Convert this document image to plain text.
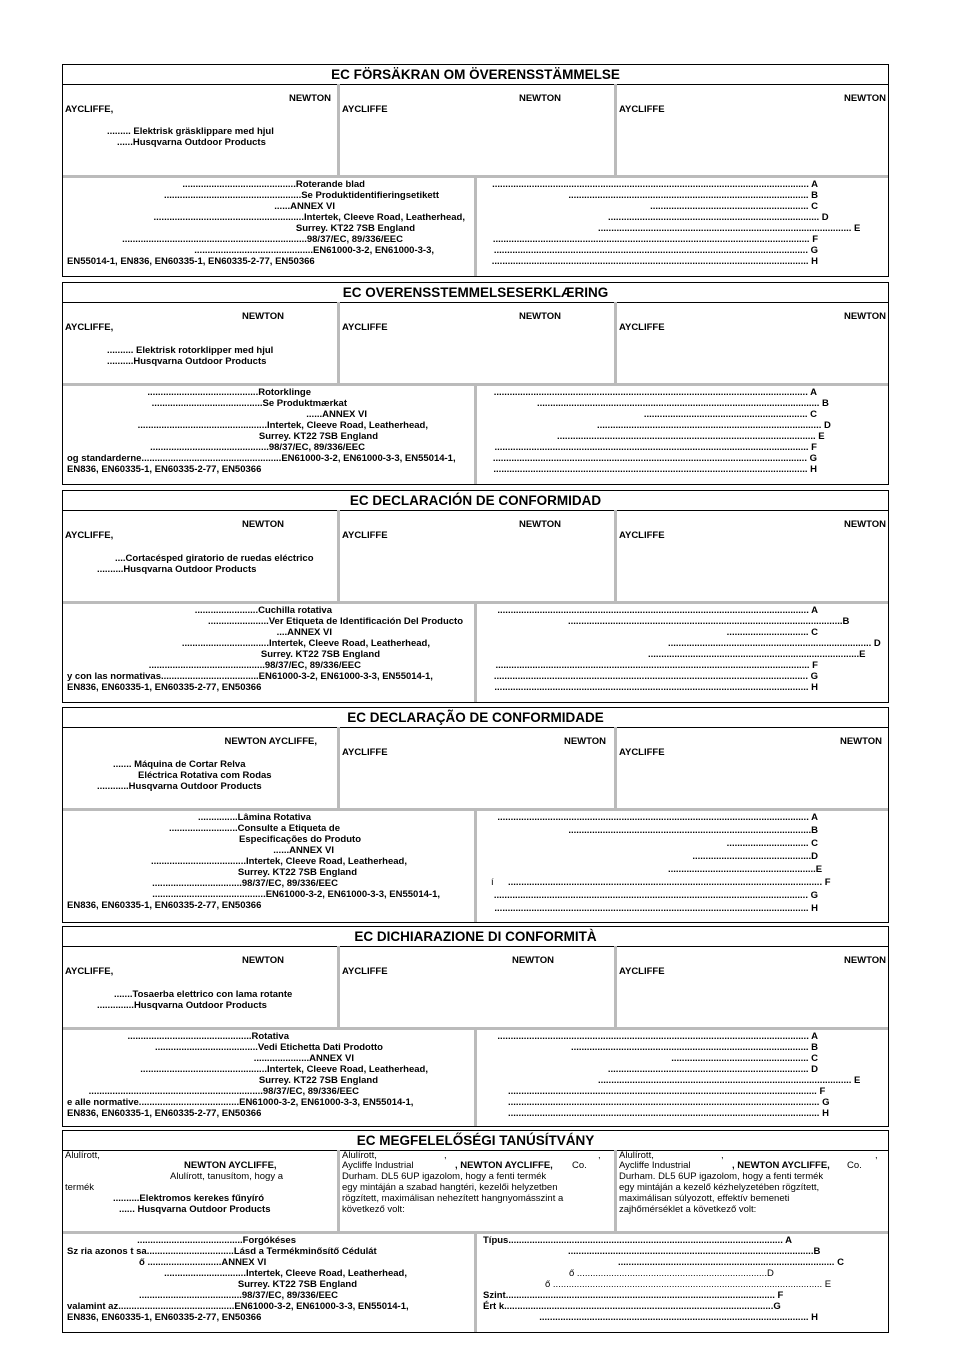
EC FÖRSÄKRAN OM ÖVERENSSTÄMMELSE
NEWTON
AYCLIFFE,
......... Elektrisk gräsklippare med hjul
......Husqvarna Outdoor Products
NEWTON
AYCLIFFE
NEWTON
AYCLIFFE
...........................................Roterande blad
....................................................Se Produktidentifieringsetikett
......ANNEX VI
.........................................................Intertek, Cleeve Road, Leatherhead,
Surrey. KT22 7SB England
......................................................................98/37/EC, 89/336/EEC
.............................................EN61000-3-2, EN61000-3-3,
EN55014-1, EN836, EN60335-1, EN60335-2-77, EN50366
........................................................................................................................ A
........................................................................................... B
............................................................ C
................................................................................ D
................................................................................................ E
........................................................................................................................ F
....................................................................................................................... G
........................................................................................................................ H
EC OVERENSSTEMMELSESERKLÆRING
NEWTON
AYCLIFFE,
.......... Elektrisk rotorklipper med hjul
..........Husqvarna Outdoor Products
NEWTON
AYCLIFFE
NEWTON
AYCLIFFE
..........................................Rotorklinge
..........................................Se Produktmærkat
......ANNEX VI
.................................................Intertek, Cleeve Road, Leatherhead,
Surrey. KT22 7SB England
.............................................98/37/EC, 89/336/EEC
og standarderne.....................................................EN61000-3-2, EN61000-3-3, EN55014-1,
EN836, EN60335-1, EN60335-2-77, EN50366
....................................................................................................................... A
........................................................................................................... B
.............................................................. C
..................................................................................... D
.................................................................................................. E
....................................................................................................................... F
....................................................................................................................... G
....................................................................................................................... H
EC DECLARACIÓN DE CONFORMIDAD
NEWTON
AYCLIFFE,
....Cortacésped giratorio de ruedas eléctrico
..........Husqvarna Outdoor Products
NEWTON
AYCLIFFE
NEWTON
AYCLIFFE
........................Cuchilla rotativa
.......................Ver Etiqueta de Identificación Del Producto
....ANNEX VI
.................................Intertek, Cleeve Road, Leatherhead,
Surrey. KT22 7SB England
............................................98/37/EC, 89/336/EEC
y con las normativas.....................................EN61000-3-2, EN61000-3-3, EN55014-1,
EN836, EN60335-1, EN60335-2-77, EN50366
...................................................................................................................... A
........................................................................................................B
............................... C
............................................................................. D
................................................................................E
....................................................................................................................... F
....................................................................................................................... G
....................................................................................................................... H
EC DECLARAÇÃO DE CONFORMIDADE
NEWTON AYCLIFFE,
....... Máquina de Cortar Relva
Eléctrica Rotativa com Rodas
............Husqvarna Outdoor Products
NEWTON
AYCLIFFE
NEWTON
AYCLIFFE
...............Lâmina Rotativa
..........................Consulte a Etiqueta de
Especificações do Produto
......ANNEX VI
....................................Intertek, Cleeve Road, Leatherhead,
Surrey. KT22 7SB England
..................................98/37/EC, 89/336/EEC
...........................................EN61000-3-2, EN61000-3-3, EN55014-1,
EN836, EN60335-1, EN60335-2-77, EN50366
...................................................................................................................... A
............................................................................................B
............................... C
.............................................D
........................................................E
í ....................................................................................................................... F
....................................................................................................................... G
....................................................................................................................... H
EC DICHIARAZIONE DI CONFORMITÀ
NEWTON
AYCLIFFE,
.......Tosaerba elettrico con lama rotante
..............Husqvarna Outdoor Products
NEWTON
AYCLIFFE
NEWTON
AYCLIFFE
...............................................Rotativa
.......................................Vedi Etichetta Dati Prodotto
.....................ANNEX VI
................................................Intertek, Cleeve Road, Leatherhead,
Surrey. KT22 7SB England
..................................................................98/37/EC, 89/336/EEC
e alle normative......................................EN61000-3-2, EN61000-3-3, EN55014-1,
EN836, EN60335-1, EN60335-2-77, EN50366
...................................................................................................................... A
.......................................................................................... B
.................................................... C
............................................................................ D
................................................................................................ E
..................................................................................................................... F
...................................................................................................................... G
...................................................................................................................... H
EC MEGFELELŐSÉGI TANÚSÍTVÁNY
Alulírott,
NEWTON AYCLIFFE,
Alulírott, tanusítom, hogy a
termék
..........Elektromos kerekes fűnyíró
...... Husqvarna Outdoor Products
Alulírott,	,	,
Aycliffe Industrial	, NEWTON AYCLIFFE, Co.
Durham. DL5 6UP igazolom, hogy a fenti termék
egy mintáján a szabad hangtéri, kezelői helyzetben
rögzített, maximálisan nehezített hangnyomásszint a
következő volt:
Alulírott,	,	,
Aycliffe Industrial	, NEWTON AYCLIFFE, Co.
Durham. DL5 6UP igazolom, hogy a fenti termék
egy mintáján a kezelő kézhelyzetében rögzített,
maximálisan súlyozott, effektív bemeneti
zajhőmérséklet a következő volt:
........................................Forgókéses
Sz ria azonos t sa.................................Lásd a Termékminősítő Cédulát
ő ............................ANNEX VI
...............................Intertek, Cleeve Road, Leatherhead,
Surrey. KT22 7SB England
.......................................98/37/EC, 89/336/EEC
valamint az............................................EN61000-3-2, EN61000-3-3, EN55014-1,
EN836, EN60335-1, EN60335-2-77, EN50366
Típus........................................................................................................ A
.............................................................................................B
.................................................................................. C
ő ........................................................................D
ő ...................................................................................................... E
Szint...................................................................................................... F
Ért k......................................................................................................G
...................................................................................................... H
